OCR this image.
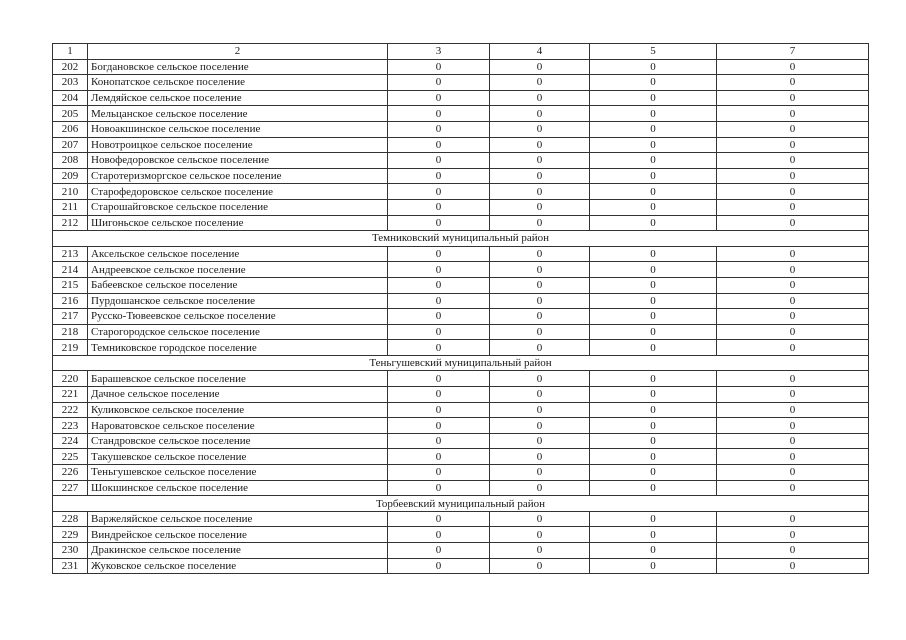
1	2	3	4	5	7
202	Богдановское сельское поселение	0	0	0	0
203	Конопатское сельское поселение	0	0	0	0
204	Лемдяйское сельское поселение	0	0	0	0
205	Мельцанское сельское поселение	0	0	0	0
206	Новоакшинское сельское поселение	0	0	0	0
207	Новотроицкое сельское поселение	0	0	0	0
208	Новофедоровское сельское поселение	0	0	0	0
209	Старотеризморгское сельское поселение	0	0	0	0
210	Старофедоровское сельское поселение	0	0	0	0
211	Старошайговское сельское поселение	0	0	0	0
212	Шигоньское сельское поселение	0	0	0	0
Темниковский муниципальный район					
213	Аксельское сельское поселение	0	0	0	0
214	Андреевское сельское поселение	0	0	0	0
215	Бабеевское сельское поселение	0	0	0	0
216	Пурдошанское сельское поселение	0	0	0	0
217	Русско-Тювеевское сельское поселение	0	0	0	0
218	Старогородское сельское поселение	0	0	0	0
219	Темниковское городское поселение	0	0	0	0
Теньгушевский муниципальный район					
220	Барашевское сельское поселение	0	0	0	0
221	Дачное сельское поселение	0	0	0	0
222	Куликовское сельское поселение	0	0	0	0
223	Нароватовское сельское поселение	0	0	0	0
224	Стандровское сельское поселение	0	0	0	0
225	Такушевское сельское поселение	0	0	0	0
226	Теньгушевское сельское поселение	0	0	0	0
227	Шокшинское сельское поселение	0	0	0	0
Торбеевский муниципальный район					
228	Варжеляйское сельское поселение	0	0	0	0
229	Виндрейское сельское поселение	0	0	0	0
230	Дракинское сельское поселение	0	0	0	0
231	Жуковское сельское поселение	0	0	0	0
